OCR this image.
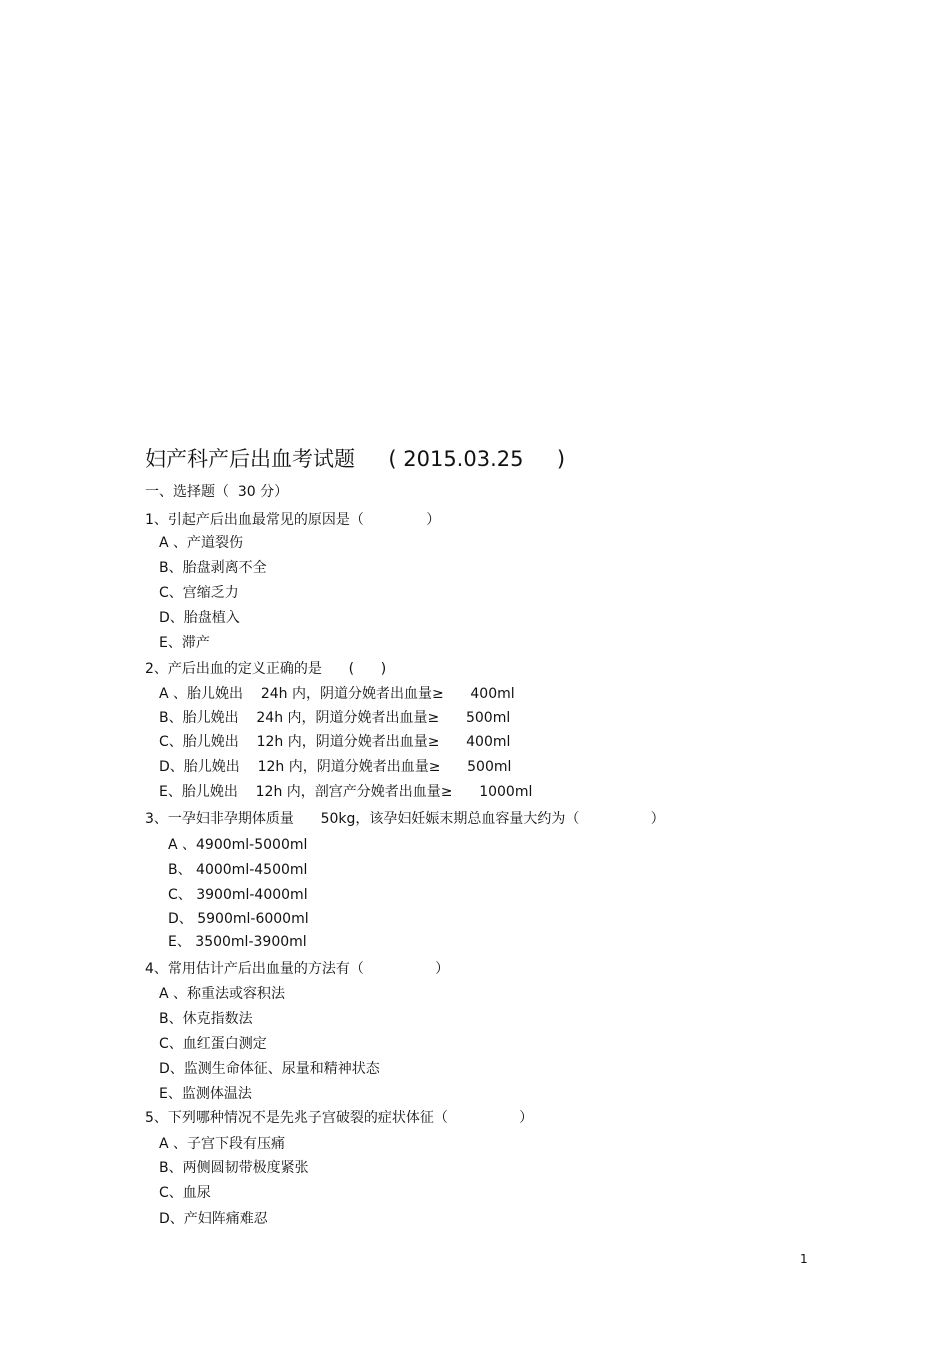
妇产科产后出血考试题     ( 2015.03.25     )
一、选择题（  30 分）
1、引起产后出血最常见的原因是（              ）
A 、产道裂伤
B、胎盘剥离不全
C、宫缩乏力
D、胎盘植入
E、滞产
2、产后出血的定义正确的是      (      )
A 、胎儿娩出    24h 内，阴道分娩者出血量≥      400ml
B、胎儿娩出    24h 内，阴道分娩者出血量≥      500ml
C、胎儿娩出    12h 内，阴道分娩者出血量≥      400ml
D、胎儿娩出    12h 内，阴道分娩者出血量≥      500ml
E、胎儿娩出    12h 内，剖宫产分娩者出血量≥      1000ml
3、一孕妇非孕期体质量      50kg，该孕妇妊娠末期总血容量大约为（                ）
A 、4900ml-5000ml
B、 4000ml-4500ml
C、 3900ml-4000ml
D、 5900ml-6000ml
E、 3500ml-3900ml
4、常用估计产后出血量的方法有（                ）
A 、称重法或容积法
B、休克指数法
C、血红蛋白测定
D、监测生命体征、尿量和精神状态
E、监测体温法
5、下列哪种情况不是先兆子宫破裂的症状体征（                ）
A 、子宫下段有压痛
B、两侧圆韧带极度紧张
C、血尿
D、产妇阵痛难忍
1
